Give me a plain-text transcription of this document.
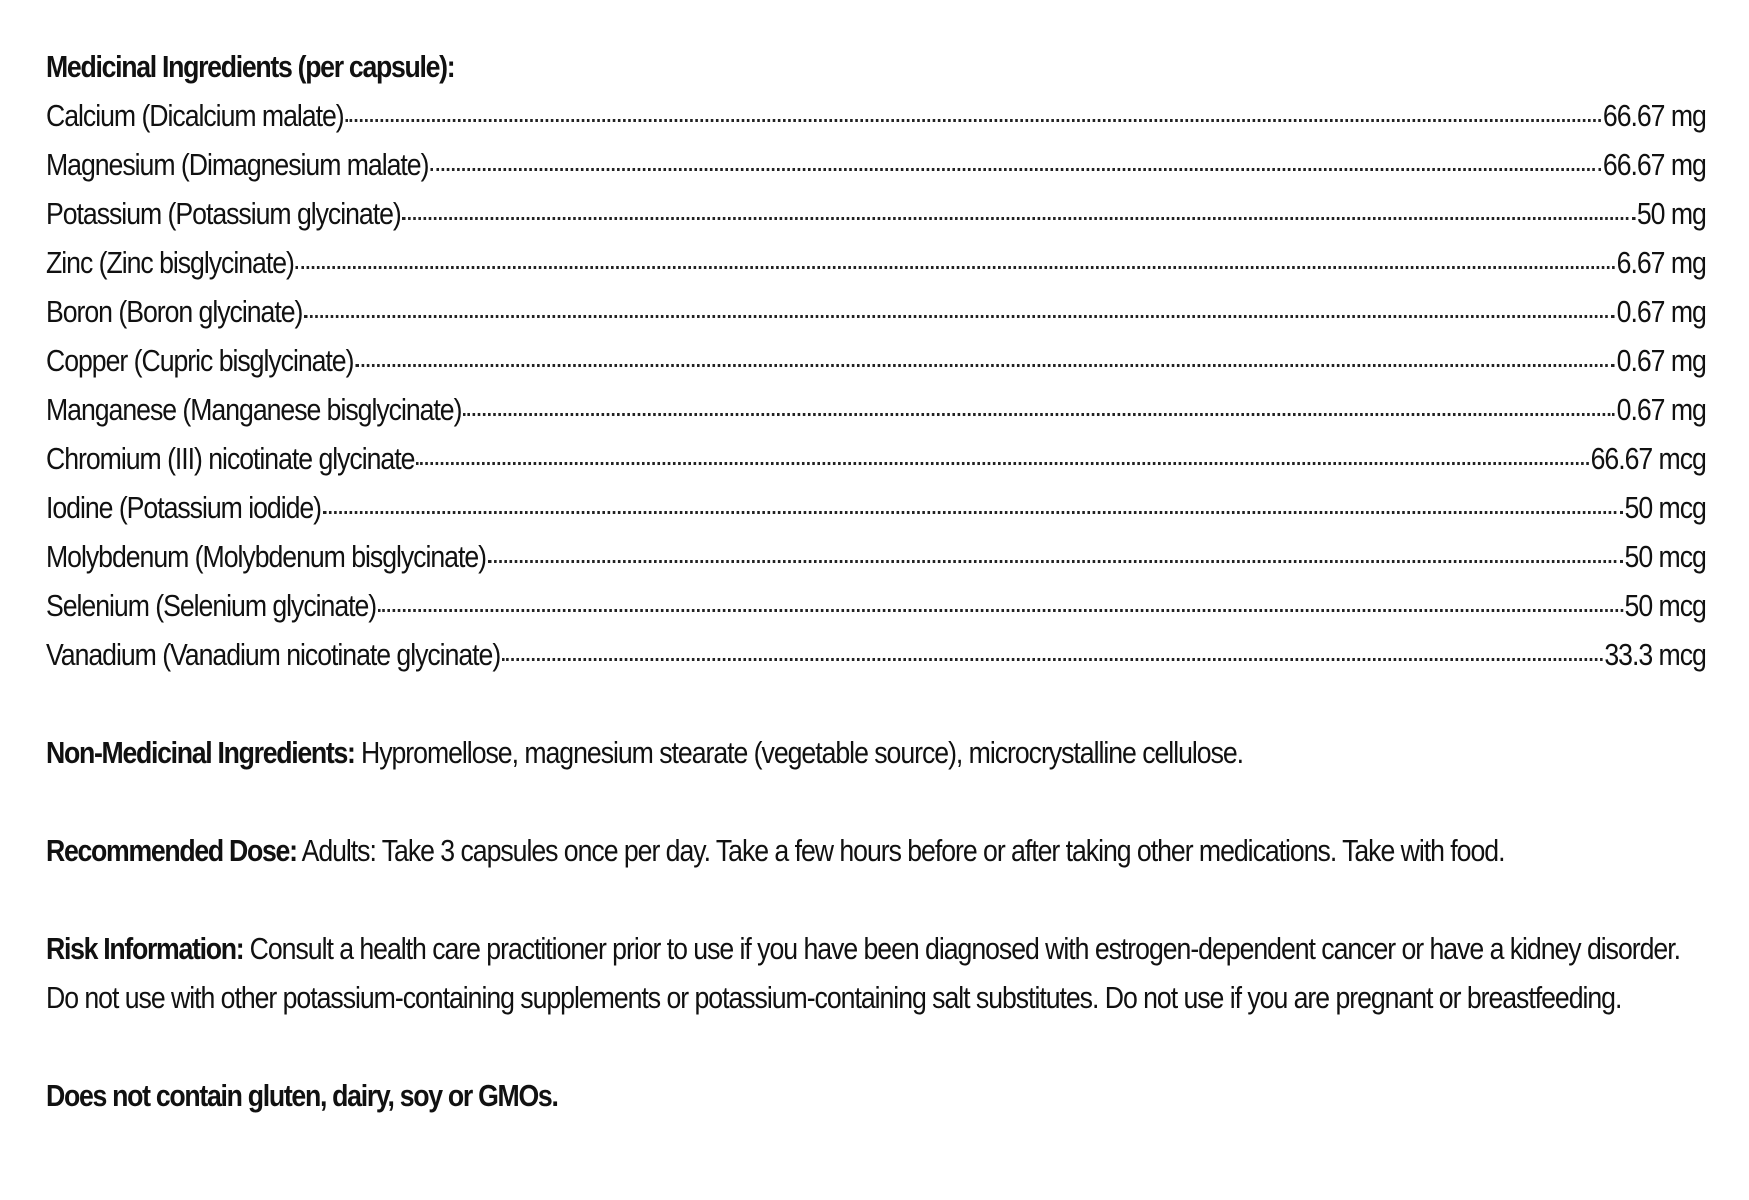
Medicinal Ingredients (per capsule):
Calcium (Dicalcium malate)	66.67 mg
Magnesium (Dimagnesium malate)	66.67 mg
Potassium (Potassium glycinate)	50 mg
Zinc (Zinc bisglycinate)	6.67 mg
Boron (Boron glycinate)	0.67 mg
Copper (Cupric bisglycinate)	0.67 mg
Manganese (Manganese bisglycinate)	0.67 mg
Chromium (III) nicotinate glycinate	66.67 mcg
Iodine (Potassium iodide)	50 mcg
Molybdenum (Molybdenum bisglycinate)	50 mcg
Selenium (Selenium glycinate)	50 mcg
Vanadium (Vanadium nicotinate glycinate)	33.3 mcg
Non-Medicinal Ingredients: Hypromellose, magnesium stearate (vegetable source), microcrystalline cellulose.
Recommended Dose: Adults: Take 3 capsules once per day. Take a few hours before or after taking other medications. Take with food.
Risk Information: Consult a health care practitioner prior to use if you have been diagnosed with estrogen-dependent cancer or have a kidney disorder. Do not use with other potassium-containing supplements or potassium-containing salt substitutes. Do not use if you are pregnant or breastfeeding.
Does not contain gluten, dairy, soy or GMOs.
